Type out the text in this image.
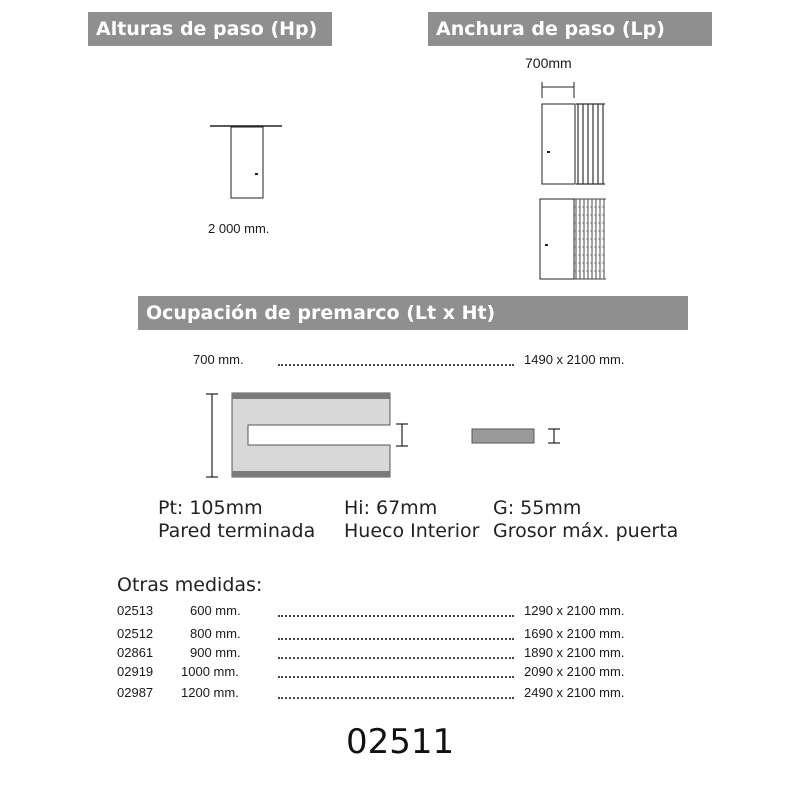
Alturas de paso (Hp)	Anchura de paso (Lp)
Ocupación de premarco (Lt x Ht)
2 000 mm.
700mm
700 mm.	1490 x 2100 mm.
Pt: 105mm
Pared terminada
Hi: 67mm
Hueco Interior
G: 55mm
Grosor máx. puerta
Otras medidas:
02513	600 mm.	1290 x 2100 mm.
02512	800 mm.	1690 x 2100 mm.
02861	900 mm.	1890 x 2100 mm.
02919 1000 mm.	2090 x 2100 mm.
02987 1200 mm.	2490 x 2100 mm.
02511
